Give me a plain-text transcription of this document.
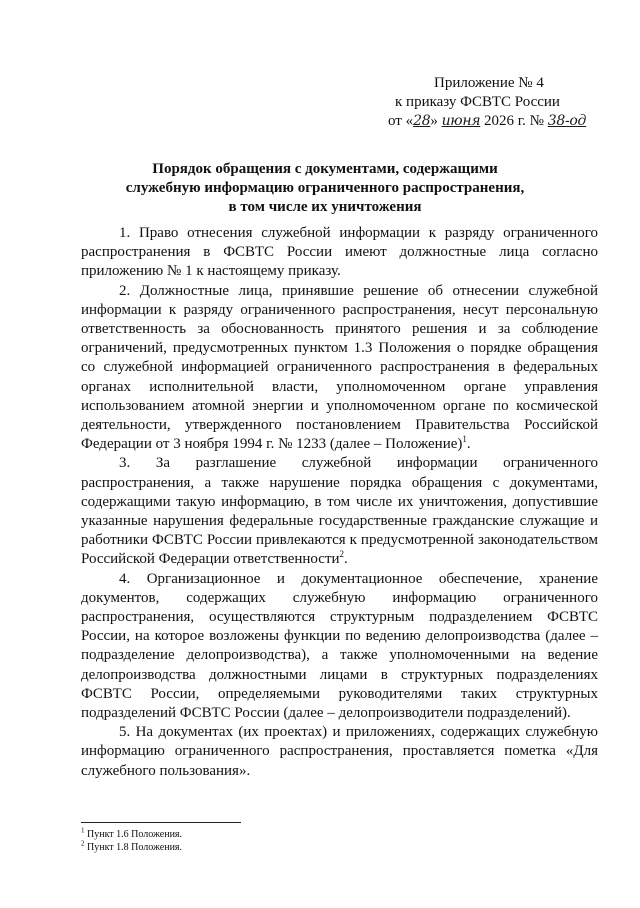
Приложение № 4
к приказу ФСВТС России
от «28» июня 2026 г. № 38-од
Порядок обращения с документами, содержащими
служебную информацию ограниченного распространения,
в том числе их уничтожения

1. Право отнесения служебной информации к разряду ограниченного распространения в ФСВТС России имеют должностные лица согласно приложению № 1 к настоящему приказу.

2. Должностные лица, принявшие решение об отнесении служебной информации к разряду ограниченного распространения, несут персональную ответственность за обоснованность принятого решения и за соблюдение ограничений, предусмотренных пунктом 1.3 Положения о порядке обращения со служебной информацией ограниченного распространения в федеральных органах исполнительной власти, уполномоченном органе управления использованием атомной энергии и уполномоченном органе по космической деятельности, утвержденного постановлением Правительства Российской Федерации от 3 ноября 1994 г. № 1233 (далее – Положение)$^1$.

3. За разглашение служебной информации ограниченного распространения, а также нарушение порядка обращения с документами, содержащими такую информацию, в том числе их уничтожения, допустившие указанные нарушения федеральные государственные гражданские служащие и работники ФСВТС России привлекаются к предусмотренной законодательством Российской Федерации ответственности$^2$.

4. Организационное и документационное обеспечение, хранение документов, содержащих служебную информацию ограниченного распространения, осуществляются структурным подразделением ФСВТС России, на которое возложены функции по ведению делопроизводства (далее – подразделение делопроизводства), а также уполномоченными на ведение делопроизводства должностными лицами в структурных подразделениях ФСВТС России, определяемыми руководителями таких структурных подразделений ФСВТС России (далее – делопроизводители подразделений).

5. На документах (их проектах) и приложениях, содержащих служебную информацию ограниченного распространения, проставляется пометка «Для служебного пользования».

$^1$ Пункт 1.6 Положения.
$^2$ Пункт 1.8 Положения.
